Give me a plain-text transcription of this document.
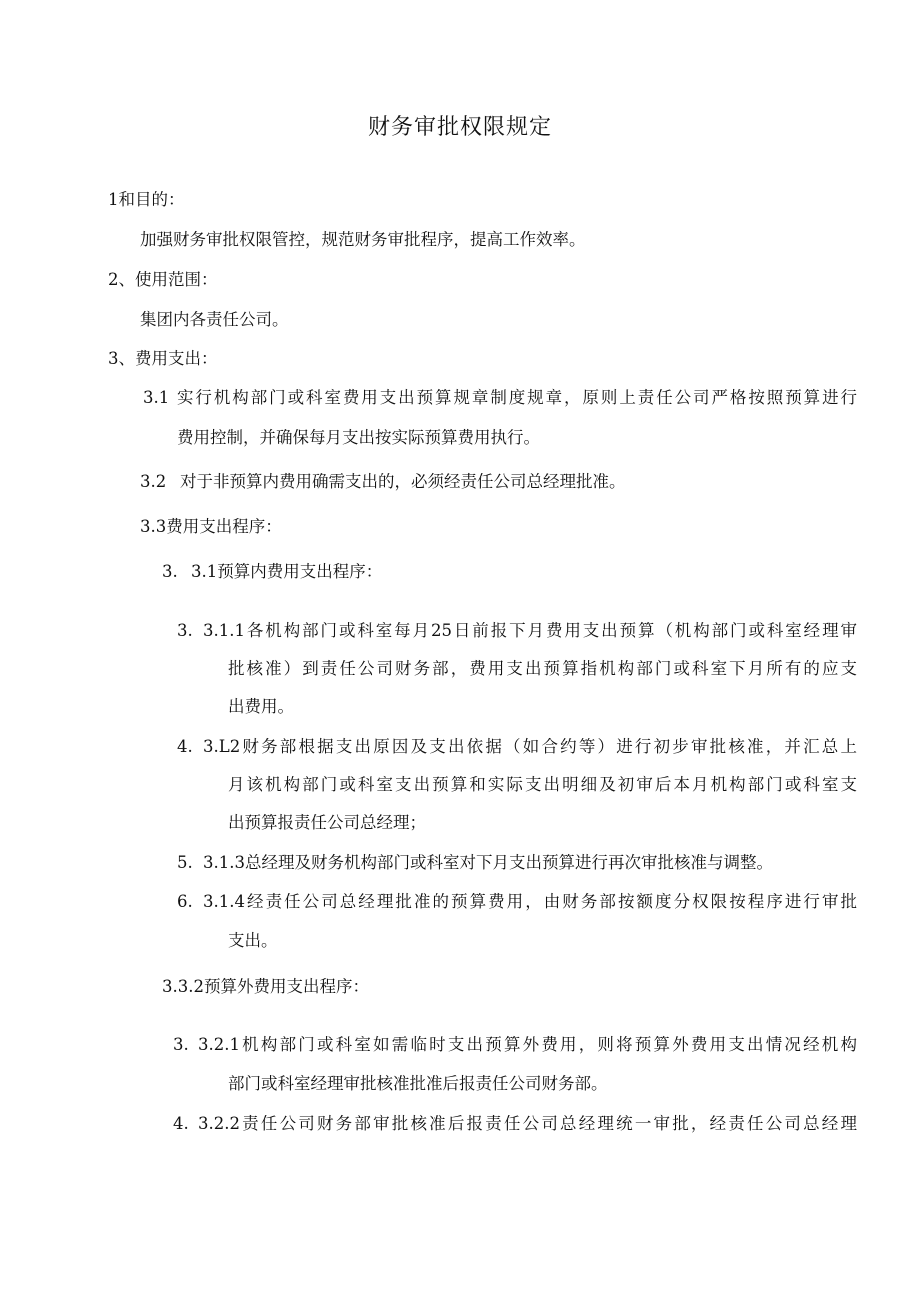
财务审批权限规定
1和目的：
加强财务审批权限管控，规范财务审批程序，提高工作效率。
2、使用范围：
集团内各责任公司。
3、费用支出：
3.1 实行机构部门或科室费用支出预算规章制度规章，原则上责任公司严格按照预算进行
费用控制，并确保每月支出按实际预算费用执行。
3.2 对于非预算内费用确需支出的，必须经责任公司总经理批准。
3.3费用支出程序：
3. 3.1预算内费用支出程序：
3. 3.1.1各机构部门或科室每月25日前报下月费用支出预算（机构部门或科室经理审
批核准）到责任公司财务部，费用支出预算指机构部门或科室下月所有的应支
出费用。
4. 3.L2财务部根据支出原因及支出依据（如合约等）进行初步审批核准，并汇总上
月该机构部门或科室支出预算和实际支出明细及初审后本月机构部门或科室支
出预算报责任公司总经理；
5. 3.1.3总经理及财务机构部门或科室对下月支出预算进行再次审批核准与调整。
6. 3.1.4经责任公司总经理批准的预算费用，由财务部按额度分权限按程序进行审批
支出。
3.3.2预算外费用支出程序：
3. 3.2.1机构部门或科室如需临时支出预算外费用，则将预算外费用支出情况经机构
部门或科室经理审批核准批准后报责任公司财务部。
4. 3.2.2责任公司财务部审批核准后报责任公司总经理统一审批，经责任公司总经理
